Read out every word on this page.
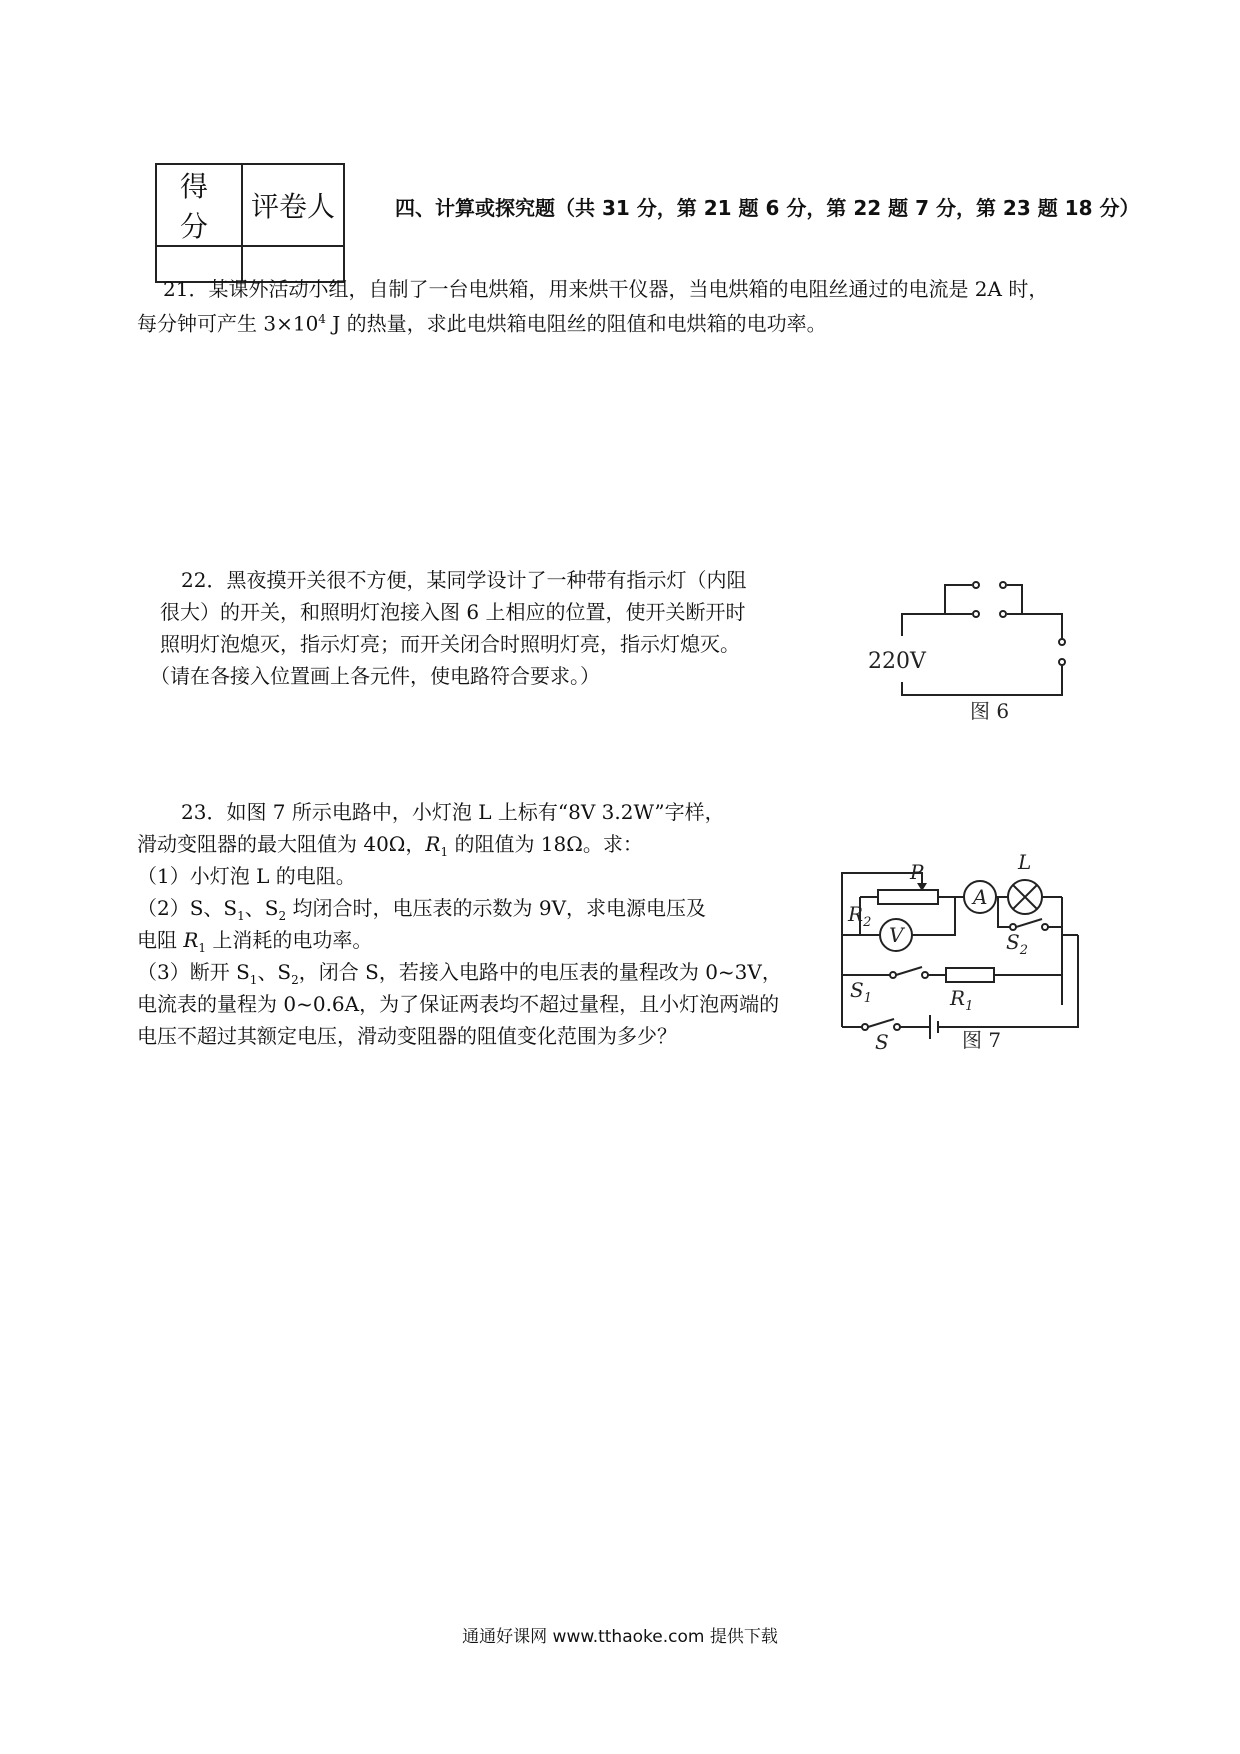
得 分	评卷人
		四、计算或探究题（共 31 分，第 21 题 6 分，第 22 题 7 分，第 23 题 18 分）
21．某课外活动小组，自制了一台电烘箱，用来烘干仪器，当电烘箱的电阻丝通过的电流是 2A 时，
每分钟可产生 $3\times 10^4$ J 的热量，求此电烘箱电阻丝的阻值和电烘箱的电功率。
22．黑夜摸开关很不方便，某同学设计了一种带有指示灯（内阻
很大）的开关，和照明灯泡接入图 6 上相应的位置，使开关断开时
照明灯泡熄灭，指示灯亮；而开关闭合时照明灯亮，指示灯熄灭。
（请在各接入位置画上各元件，使电路符合要求。）
220V
图 6
23．如图 7 所示电路中，小灯泡 L 上标有“8V 3.2W”字样，
滑动变阻器的最大阻值为 40Ω，$R_1$ 的阻值为 18Ω。求：
（1）小灯泡 L 的电阻。
（2）S、$S_1$、$S_2$ 均闭合时，电压表的示数为 9V，求电源电压及
电阻 $R_1$ 上消耗的电功率。
（3）断开 $S_1$、$S_2$，闭合 S，若接入电路中的电压表的量程改为 0~3V，
电流表的量程为 0~0.6A，为了保证两表均不超过量程，且小灯泡两端的
电压不超过其额定电压，滑动变阻器的阻值变化范围为多少？
P	L
A
V
$R_2$
$S_2$
$S_1$	$R_1$
S	图 7
通通好课网 www.tthaoke.com 提供下载
